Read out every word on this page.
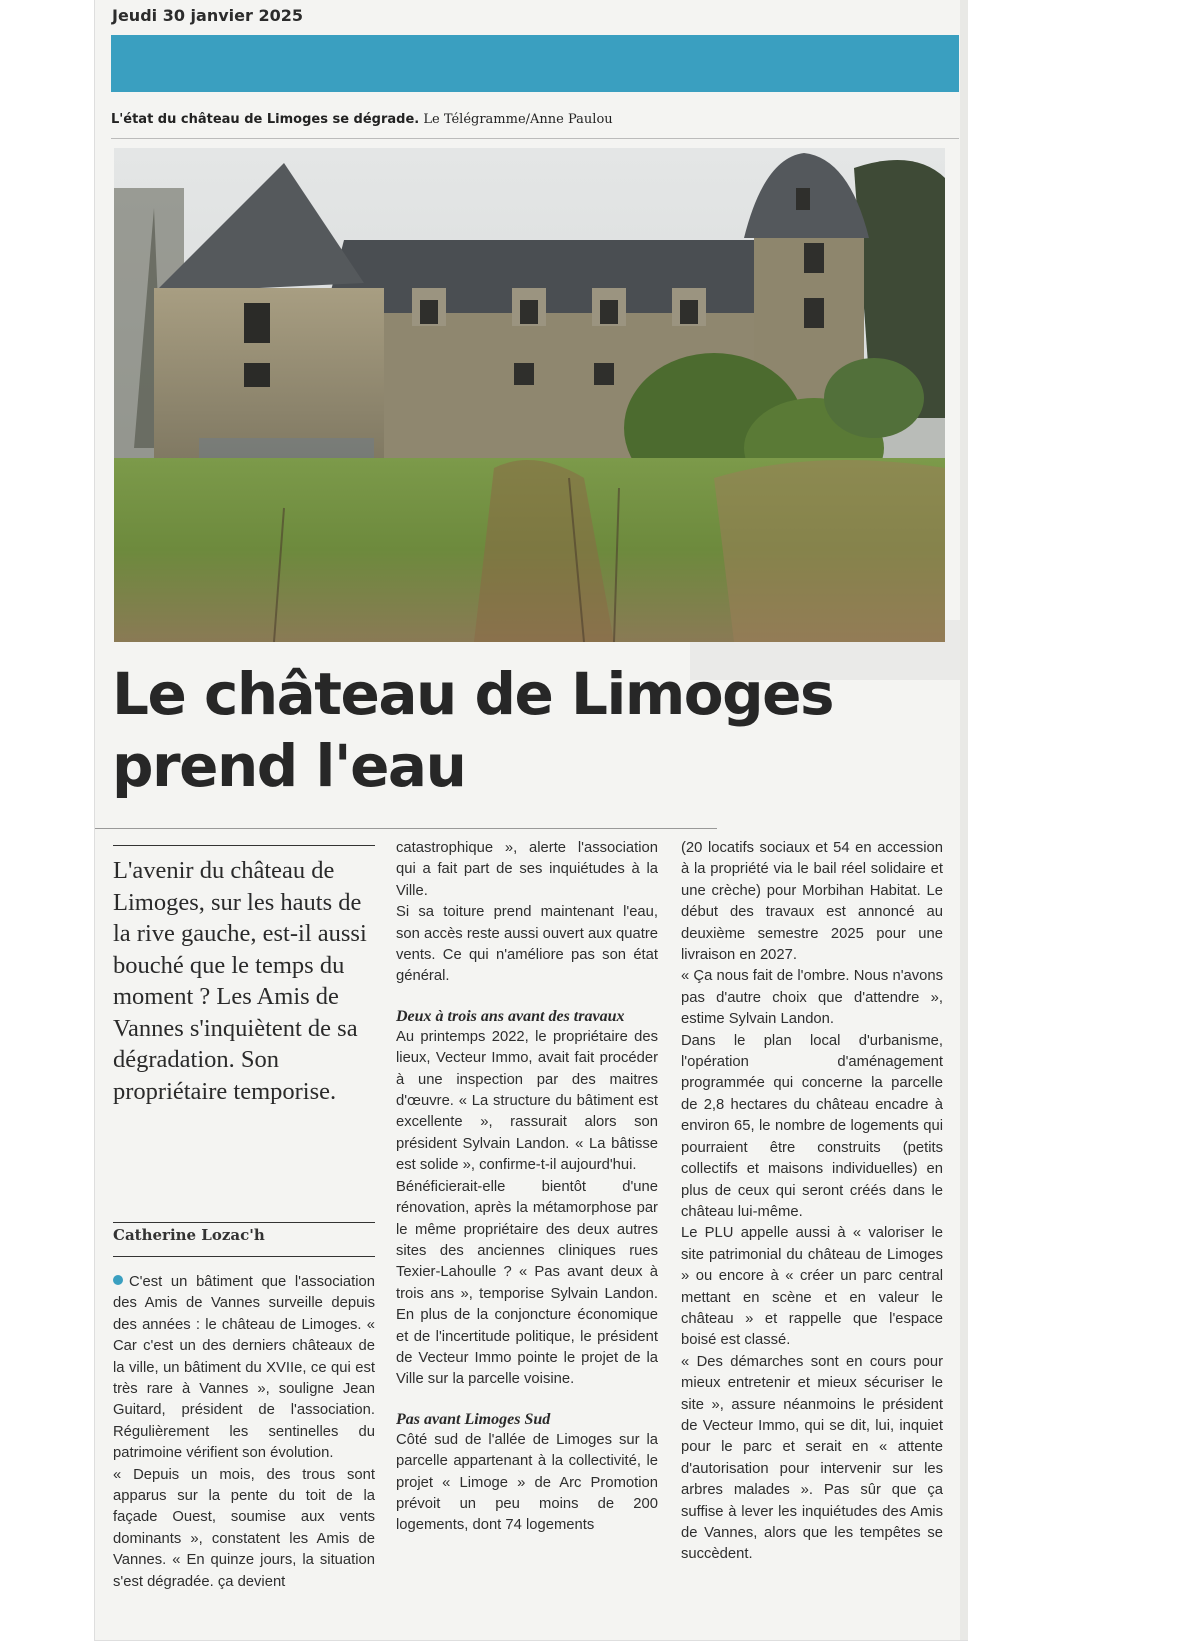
Jeudi 30 janvier 2025
L'état du château de Limoges se dégrade. Le Télégramme/Anne Paulou
Le château de Limoges
prend l'eau
L'avenir du château de Limoges, sur les hauts de la rive gauche, est-il aussi bouché que le temps du moment ? Les Amis de Vannes s'inquiètent de sa dégradation. Son propriétaire temporise.
Catherine Lozac'h

C'est un bâtiment que l'association des Amis de Vannes surveille depuis des années : le château de Limoges. « Car c'est un des derniers châteaux de la ville, un bâtiment du XVIIe, ce qui est très rare à Vannes », souligne Jean Guitard, président de l'association. Régulièrement les sentinelles du patrimoine vérifient son évolution.

« Depuis un mois, des trous sont apparus sur la pente du toit de la façade Ouest, soumise aux vents dominants », constatent les Amis de Vannes. « En quinze jours, la situation s'est dégradée. ça devient

catastrophique », alerte l'association qui a fait part de ses inquiétudes à la Ville.

Si sa toiture prend maintenant l'eau, son accès reste aussi ouvert aux quatre vents. Ce qui n'améliore pas son état général.

Deux à trois ans avant des travaux

Au printemps 2022, le propriétaire des lieux, Vecteur Immo, avait fait procéder à une inspection par des maitres d'œuvre. « La structure du bâtiment est excellente », rassurait alors son président Sylvain Landon. « La bâtisse est solide », confirme-t-il aujourd'hui.

Bénéficierait-elle bientôt d'une rénovation, après la métamorphose par le même propriétaire des deux autres sites des anciennes cliniques rues Texier-Lahoulle ? « Pas avant deux à trois ans », temporise Sylvain Landon. En plus de la conjoncture économique et de l'incertitude politique, le président de Vecteur Immo pointe le projet de la Ville sur la parcelle voisine.

Pas avant Limoges Sud

Côté sud de l'allée de Limoges sur la parcelle appartenant à la collectivité, le projet « Limoge » de Arc Promotion prévoit un peu moins de 200 logements, dont 74 logements

(20 locatifs sociaux et 54 en accession à la propriété via le bail réel solidaire et une crèche) pour Morbihan Habitat. Le début des travaux est annoncé au deuxième semestre 2025 pour une livraison en 2027.

« Ça nous fait de l'ombre. Nous n'avons pas d'autre choix que d'attendre », estime Sylvain Landon.

Dans le plan local d'urbanisme, l'opération d'aménagement programmée qui concerne la parcelle de 2,8 hectares du château encadre à environ 65, le nombre de logements qui pourraient être construits (petits collectifs et maisons individuelles) en plus de ceux qui seront créés dans le château lui-même.

Le PLU appelle aussi à « valoriser le site patrimonial du château de Limoges » ou encore à « créer un parc central mettant en scène et en valeur le château » et rappelle que l'espace boisé est classé.

« Des démarches sont en cours pour mieux entretenir et mieux sécuriser le site », assure néanmoins le président de Vecteur Immo, qui se dit, lui, inquiet pour le parc et serait en « attente d'autorisation pour intervenir sur les arbres malades ». Pas sûr que ça suffise à lever les inquiétudes des Amis de Vannes, alors que les tempêtes se succèdent.
